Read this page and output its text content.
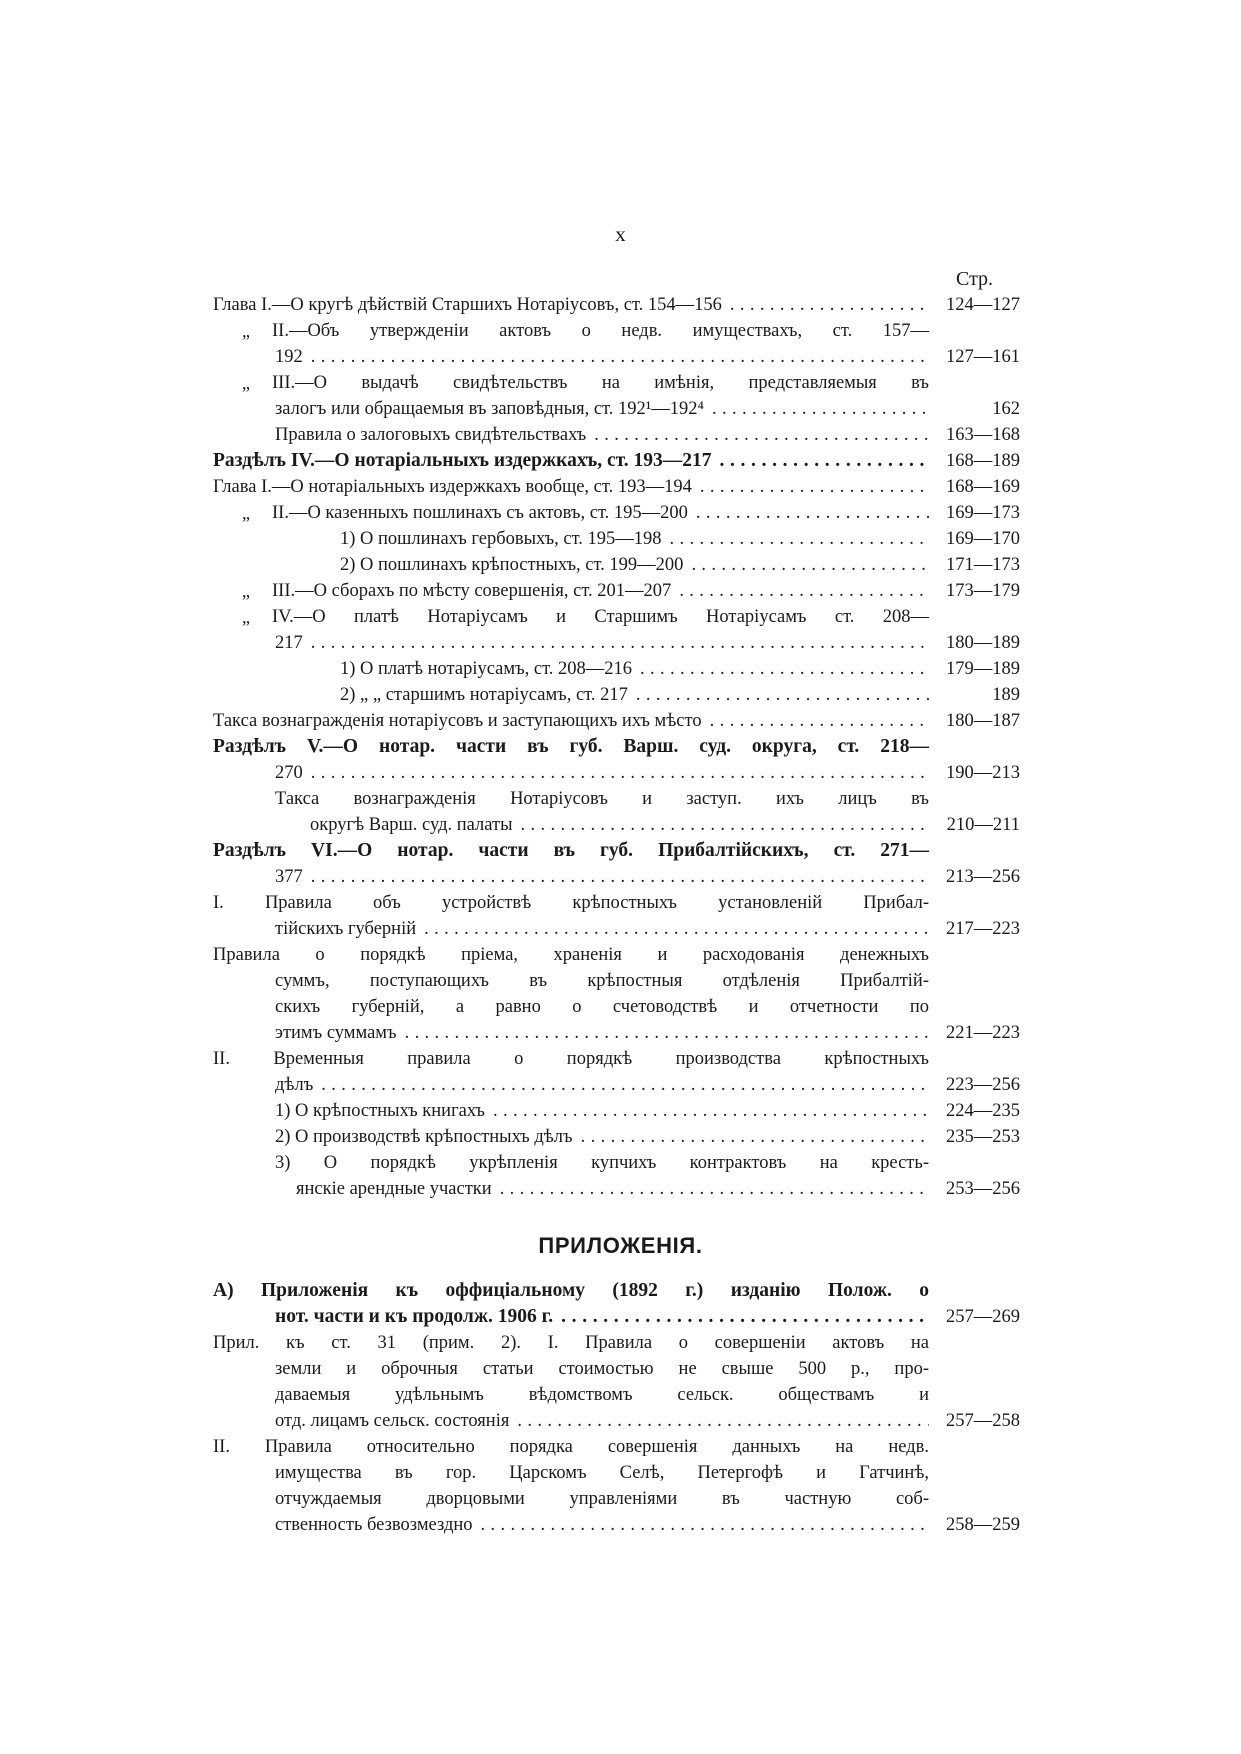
x
Стр.
Глава I.—О кругѣ дѣйствій Старшихъ Нотаріусовъ, ст. 154—156 . . .	124—127
„ II.—Объ утвержденіи актовъ о недв. имуществахъ, ст. 157—
192 . . .	127—161
„ III.—О выдачѣ свидѣтельствъ на имѣнія, представляемыя въ
залогъ или обращаемыя въ заповѣдныя, ст. 192¹—192⁴ . . .	162
Правила о залоговыхъ свидѣтельствахъ . . .	163—168
Раздѣлъ IV.—О нотаріальныхъ издержкахъ, ст. 193—217 . . .	168—189
Глава I.—О нотаріальныхъ издержкахъ вообще, ст. 193—194 . . .	168—169
„ II.—О казенныхъ пошлинахъ съ актовъ, ст. 195—200 . . .	169—173
1) О пошлинахъ гербовыхъ, ст. 195—198 . . .	169—170
2) О пошлинахъ крѣпостныхъ, ст. 199—200 . . .	171—173
„ III.—О сборахъ по мѣсту совершенія, ст. 201—207 . . .	173—179
„ IV.—О платѣ Нотаріусамъ и Старшимъ Нотаріусамъ ст. 208—
217 . . .	180—189
1) О платѣ нотаріусамъ, ст. 208—216 . . .	179—189
2) „ „ старшимъ нотаріусамъ, ст. 217 . . .	189
Такса вознагражденія нотаріусовъ и заступающихъ ихъ мѣсто . . .	180—187
Раздѣлъ V.—О нотар. части въ губ. Варш. суд. округа, ст. 218—
270 . . .	190—213
Такса вознагражденія Нотаріусовъ и заступ. ихъ лицъ въ
округѣ Варш. суд. палаты . . .	210—211
Раздѣлъ VI.—О нотар. части въ губ. Прибалтійскихъ, ст. 271—
377 . . .	213—256
I. Правила объ устройствѣ крѣпостныхъ установленій Прибал-
тійскихъ губерній . . .	217—223
Правила о порядкѣ пріема, храненія и расходованія денежныхъ
суммъ, поступающихъ въ крѣпостныя отдѣленія Прибалтій-
скихъ губерній, а равно о счетоводствѣ и отчетности по
этимъ суммамъ . . .	221—223
II. Временныя правила о порядкѣ производства крѣпостныхъ
дѣлъ . . .	223—256
1) О крѣпостныхъ книгахъ . . .	224—235
2) О производствѣ крѣпостныхъ дѣлъ . . .	235—253
3) О порядкѣ укрѣпленія купчихъ контрактовъ на кресть-
янскіе арендные участки . . .	253—256
ПРИЛОЖЕНІЯ.
А) Приложенія къ оффиціальному (1892 г.) изданію Полож. о
нот. части и къ продолж. 1906 г. . . .	257—269
Прил. къ ст. 31 (прим. 2). I. Правила о совершеніи актовъ на
земли и оброчныя статьи стоимостью не свыше 500 р., про-
даваемыя удѣльнымъ вѣдомствомъ сельск. обществамъ и
отд. лицамъ сельск. состоянія . . .	257—258
II. Правила относительно порядка совершенія данныхъ на недв.
имущества въ гор. Царскомъ Селѣ, Петергофѣ и Гатчинѣ,
отчуждаемыя дворцовыми управленіями въ частную соб-
ственность безвозмездно . . .	258—259
